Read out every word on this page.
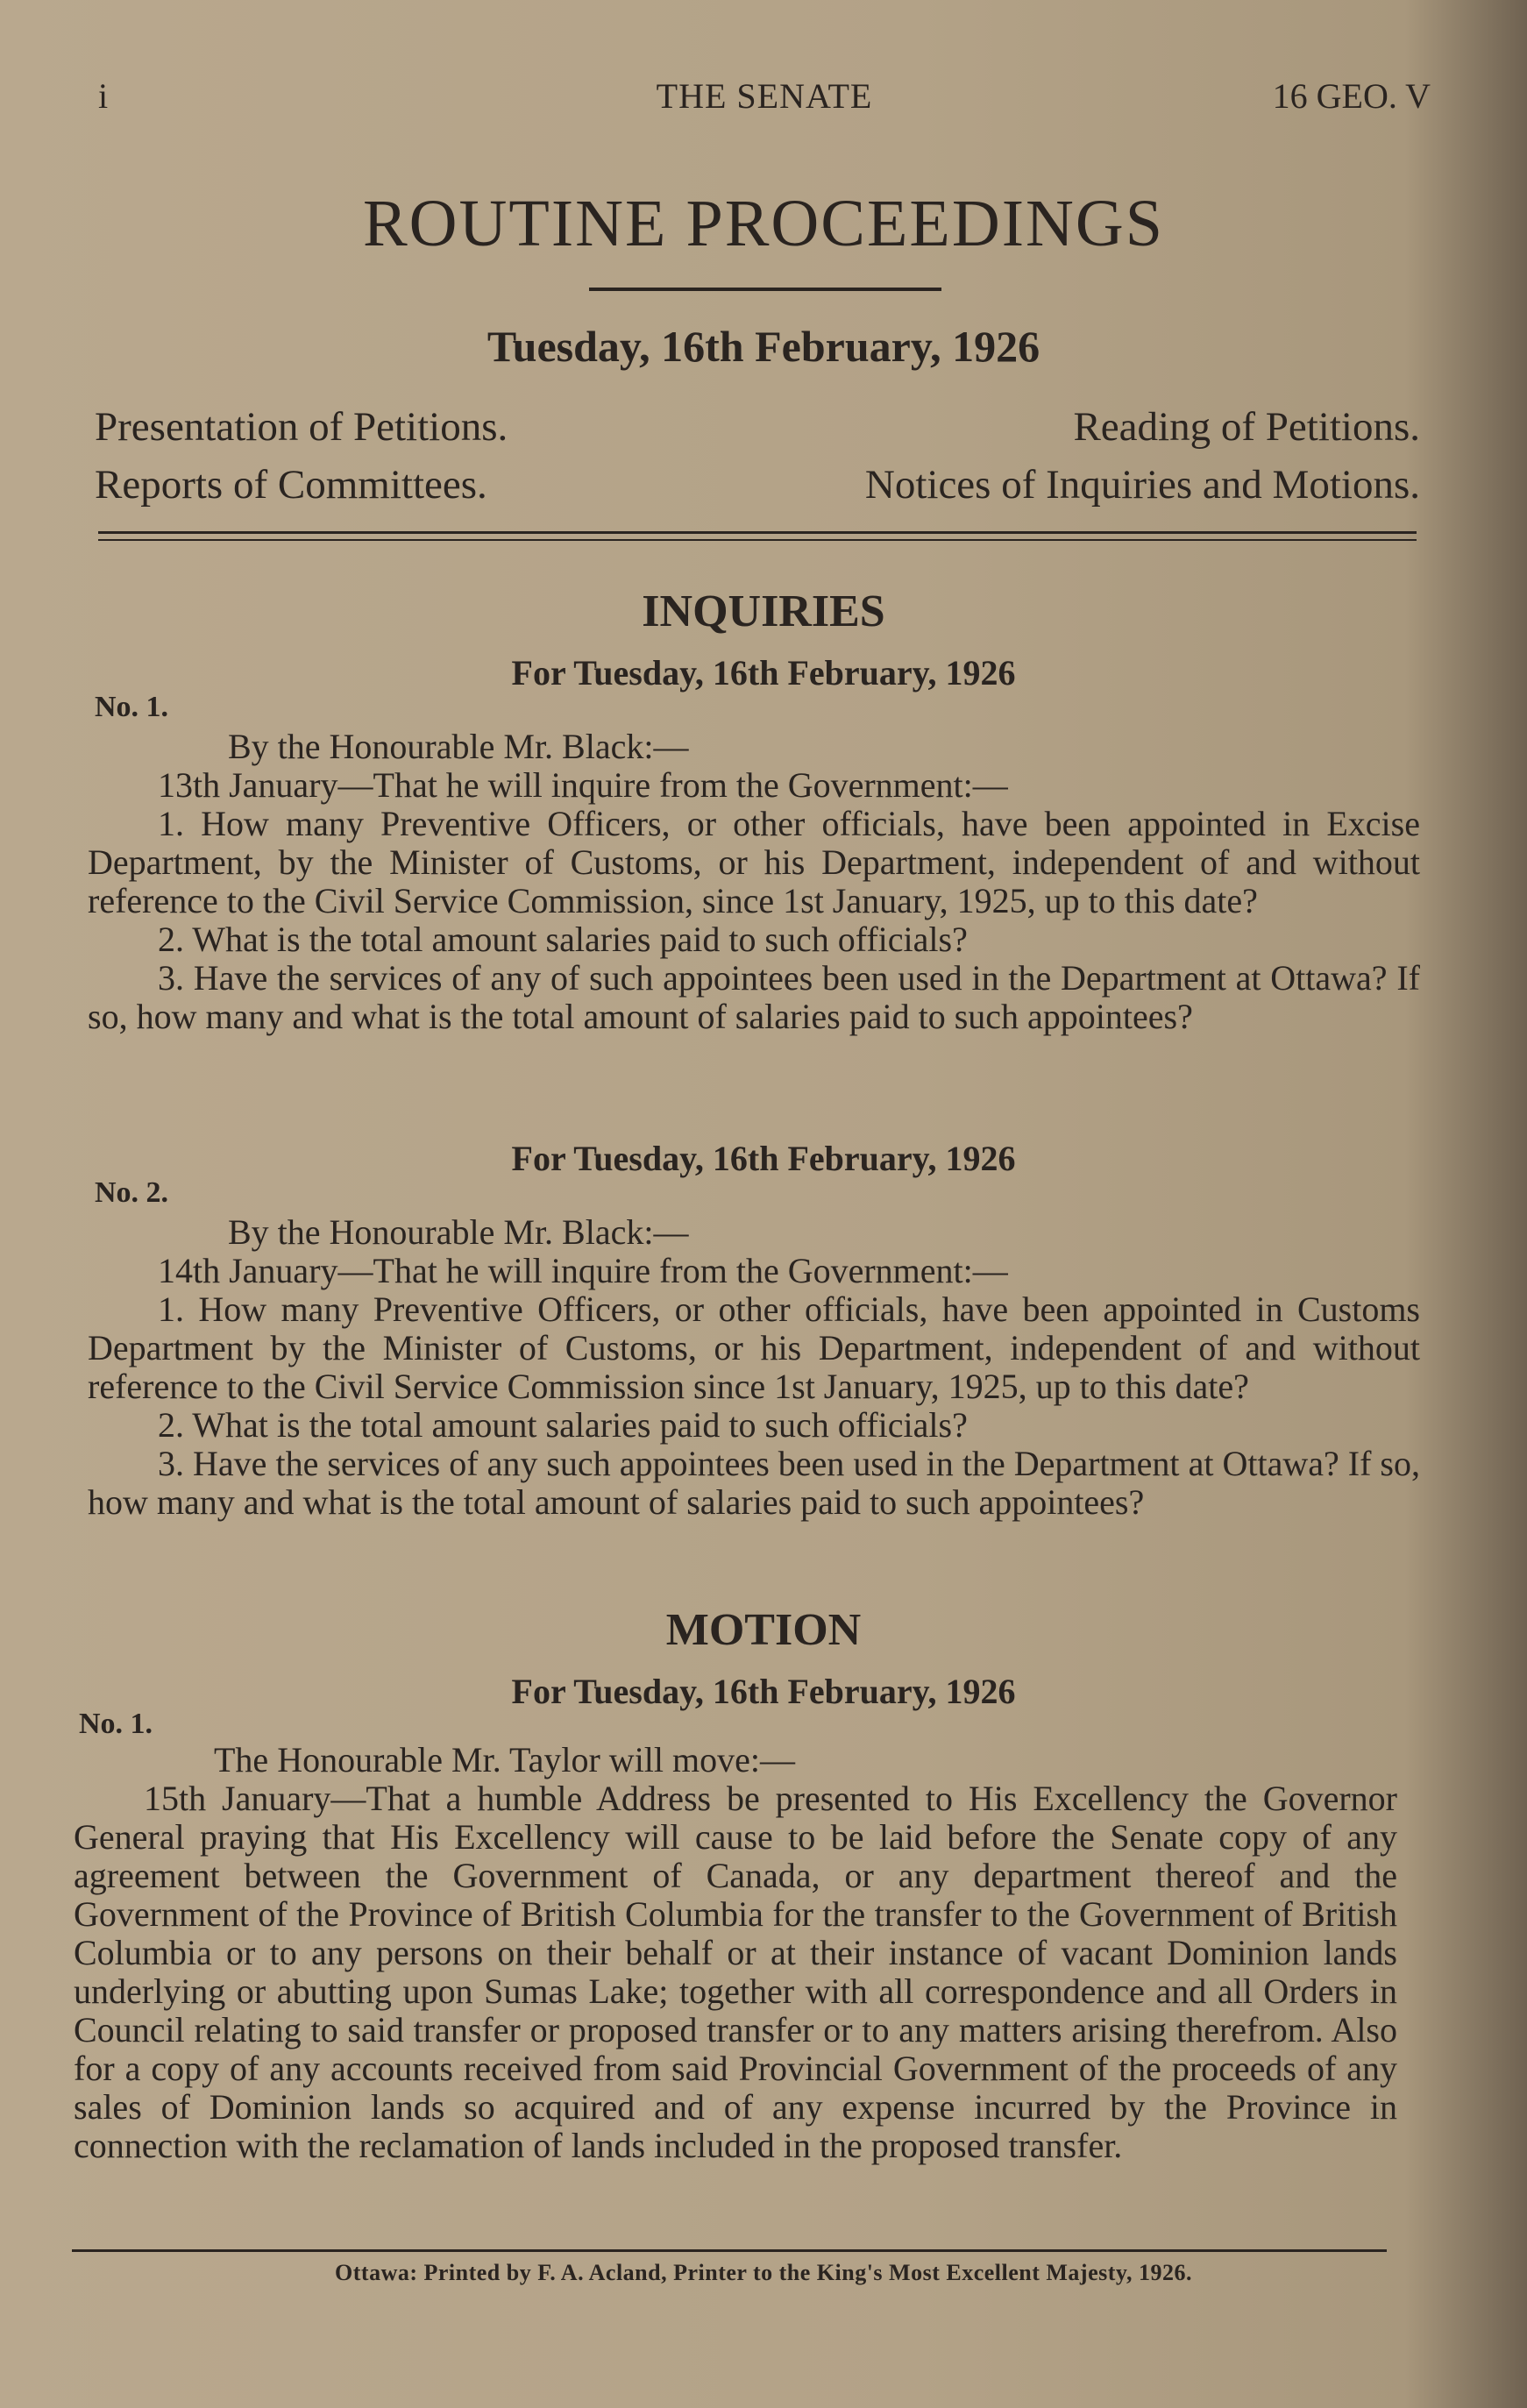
i	THE SENATE	16 GEO. V
ROUTINE PROCEEDINGS
Tuesday, 16th February, 1926
Presentation of Petitions.	Reading of Petitions.
Reports of Committees.	Notices of Inquiries and Motions.
INQUIRIES
For Tuesday, 16th February, 1926
No. 1.

By the Honourable Mr. Black:—

13th January—That he will inquire from the Government:—

1. How many Preventive Officers, or other officials, have been appointed in Excise Department, by the Minister of Customs, or his Department, independent of and without reference to the Civil Service Commission, since 1st January, 1925, up to this date?

2. What is the total amount salaries paid to such officials?

3. Have the services of any of such appointees been used in the Department at Ottawa? If so, how many and what is the total amount of salaries paid to such appointees?

For Tuesday, 16th February, 1926
No. 2.

By the Honourable Mr. Black:—

14th January—That he will inquire from the Government:—

1. How many Preventive Officers, or other officials, have been appointed in Customs Department by the Minister of Customs, or his Department, independent of and without reference to the Civil Service Commission since 1st January, 1925, up to this date?

2. What is the total amount salaries paid to such officials?

3. Have the services of any such appointees been used in the Department at Ottawa? If so, how many and what is the total amount of salaries paid to such appointees?

MOTION
For Tuesday, 16th February, 1926
No. 1.

The Honourable Mr. Taylor will move:—

15th January—That a humble Address be presented to His Excellency the Governor General praying that His Excellency will cause to be laid before the Senate copy of any agreement between the Government of Canada, or any department thereof and the Government of the Province of British Columbia for the transfer to the Government of British Columbia or to any persons on their behalf or at their instance of vacant Dominion lands underlying or abutting upon Sumas Lake; together with all correspondence and all Orders in Council relating to said transfer or proposed transfer or to any matters arising therefrom. Also for a copy of any accounts received from said Provincial Government of the proceeds of any sales of Dominion lands so acquired and of any expense incurred by the Province in connection with the reclamation of lands included in the proposed transfer.

Ottawa: Printed by F. A. Acland, Printer to the King's Most Excellent Majesty, 1926.
